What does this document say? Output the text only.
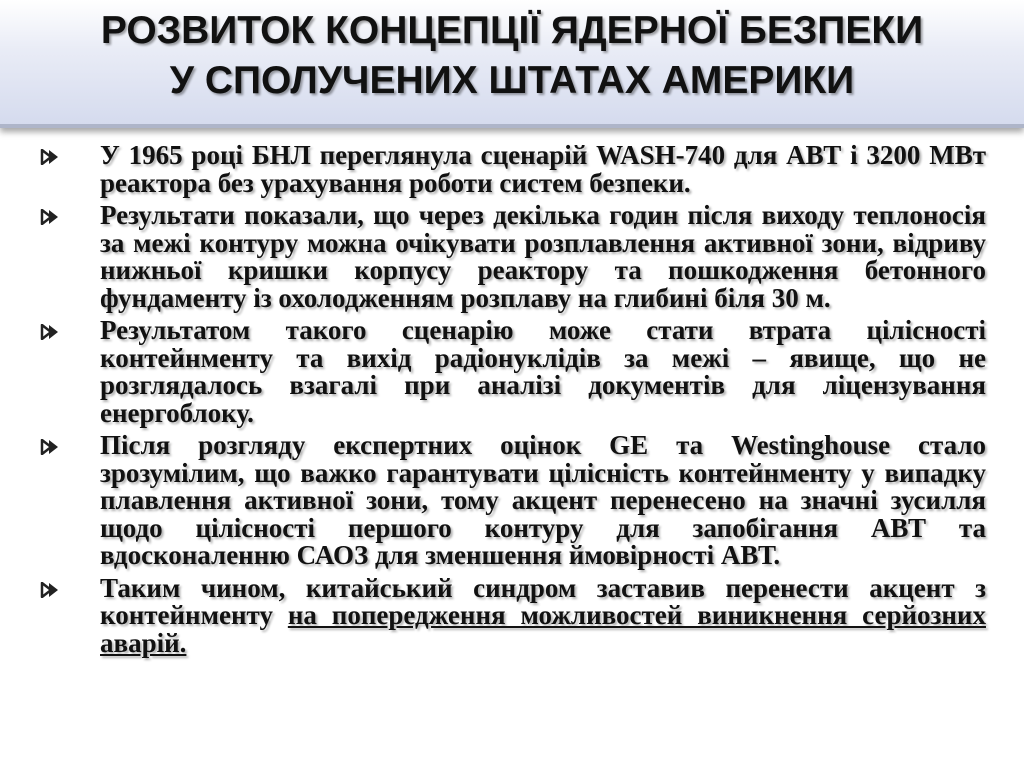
РОЗВИТОК КОНЦЕПЦІЇ ЯДЕРНОЇ БЕЗПЕКИ
У СПОЛУЧЕНИХ ШТАТАХ АМЕРИКИ
У 1965 році БНЛ переглянула сценарій WASH-740 для АВТ і 3200 МВт реактора без урахування роботи систем безпеки.
Результати показали, що через декілька годин після виходу теплоносія за межі контуру можна очікувати розплавлення активної зони, відриву нижньої кришки корпусу реактору та пошкодження бетонного фундаменту із охолодженням розплаву на глибині біля 30 м.
Результатом такого сценарію може стати втрата цілісності контейнменту та вихід радіонуклідів за межі – явище, що не розглядалось взагалі при аналізі документів для ліцензування енергоблоку.
Після розгляду експертних оцінок GE та Westinghouse стало зрозумілим, що важко гарантувати цілісність контейнменту у випадку плавлення активної зони, тому акцент перенесено на значні зусилля щодо цілісності першого контуру для запобігання АВТ та вдосконаленню САОЗ для зменшення ймовірності АВТ.
Таким чином, китайський синдром заставив перенести акцент з контейнменту на попередження можливостей виникнення серйозних аварій.
